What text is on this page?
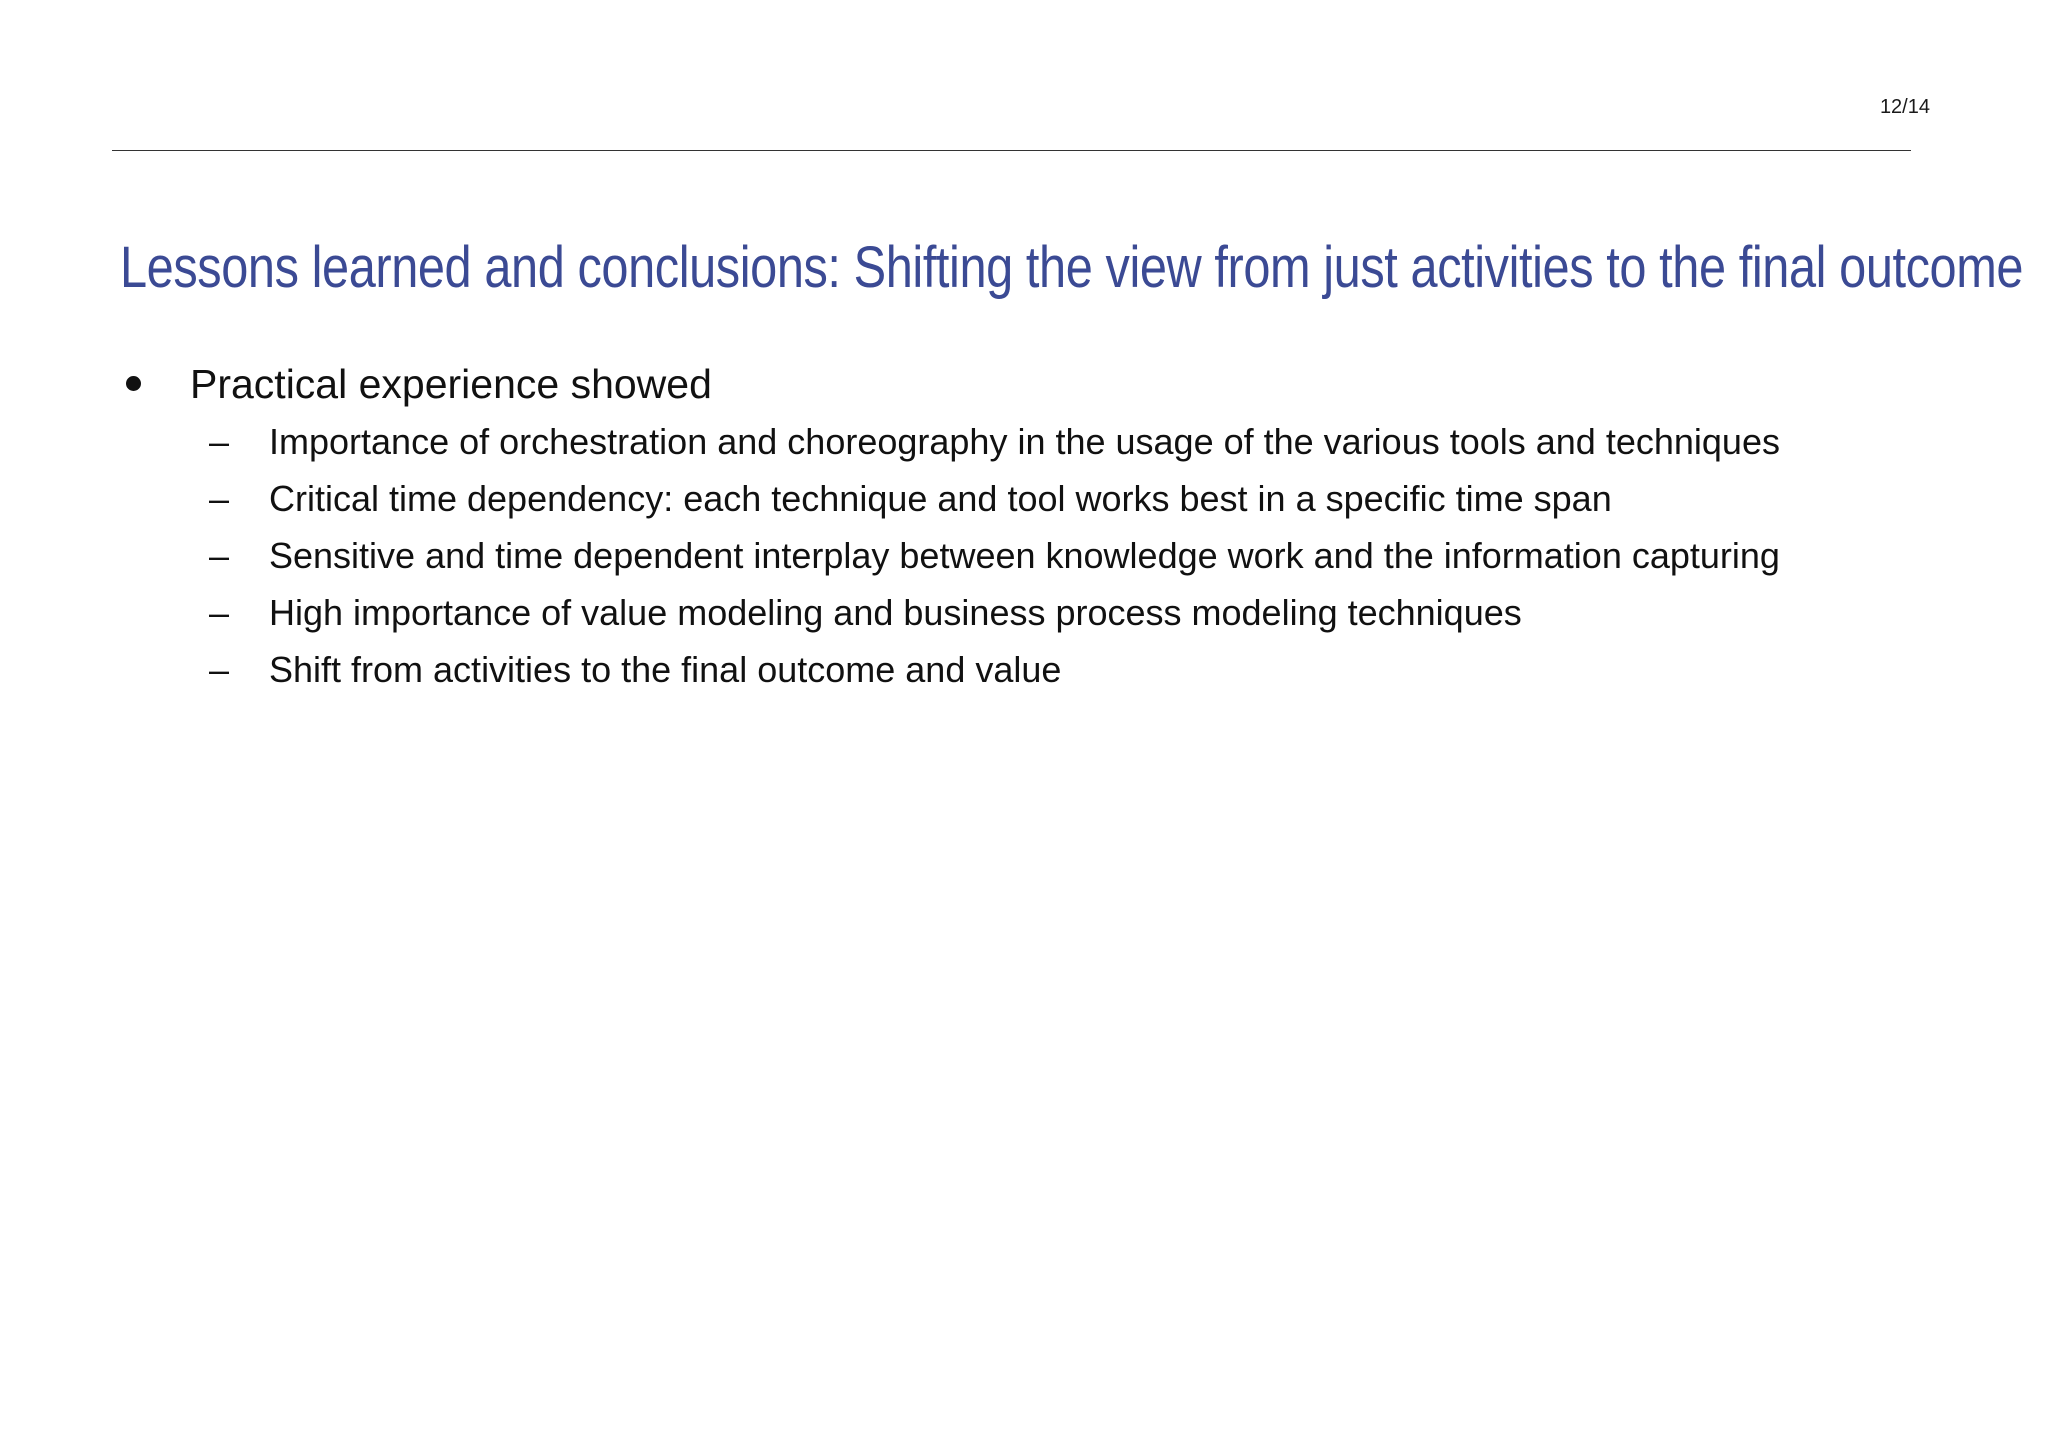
12/14
Lessons learned and conclusions: Shifting the view from just activities to the final outcome
Practical experience showed
– Importance of orchestration and choreography in the usage of the various tools and techniques
– Critical time dependency: each technique and tool works best in a specific time span
– Sensitive and time dependent interplay between knowledge work and the information capturing
– High importance of value modeling and business process modeling techniques
– Shift from activities to the final outcome and value
